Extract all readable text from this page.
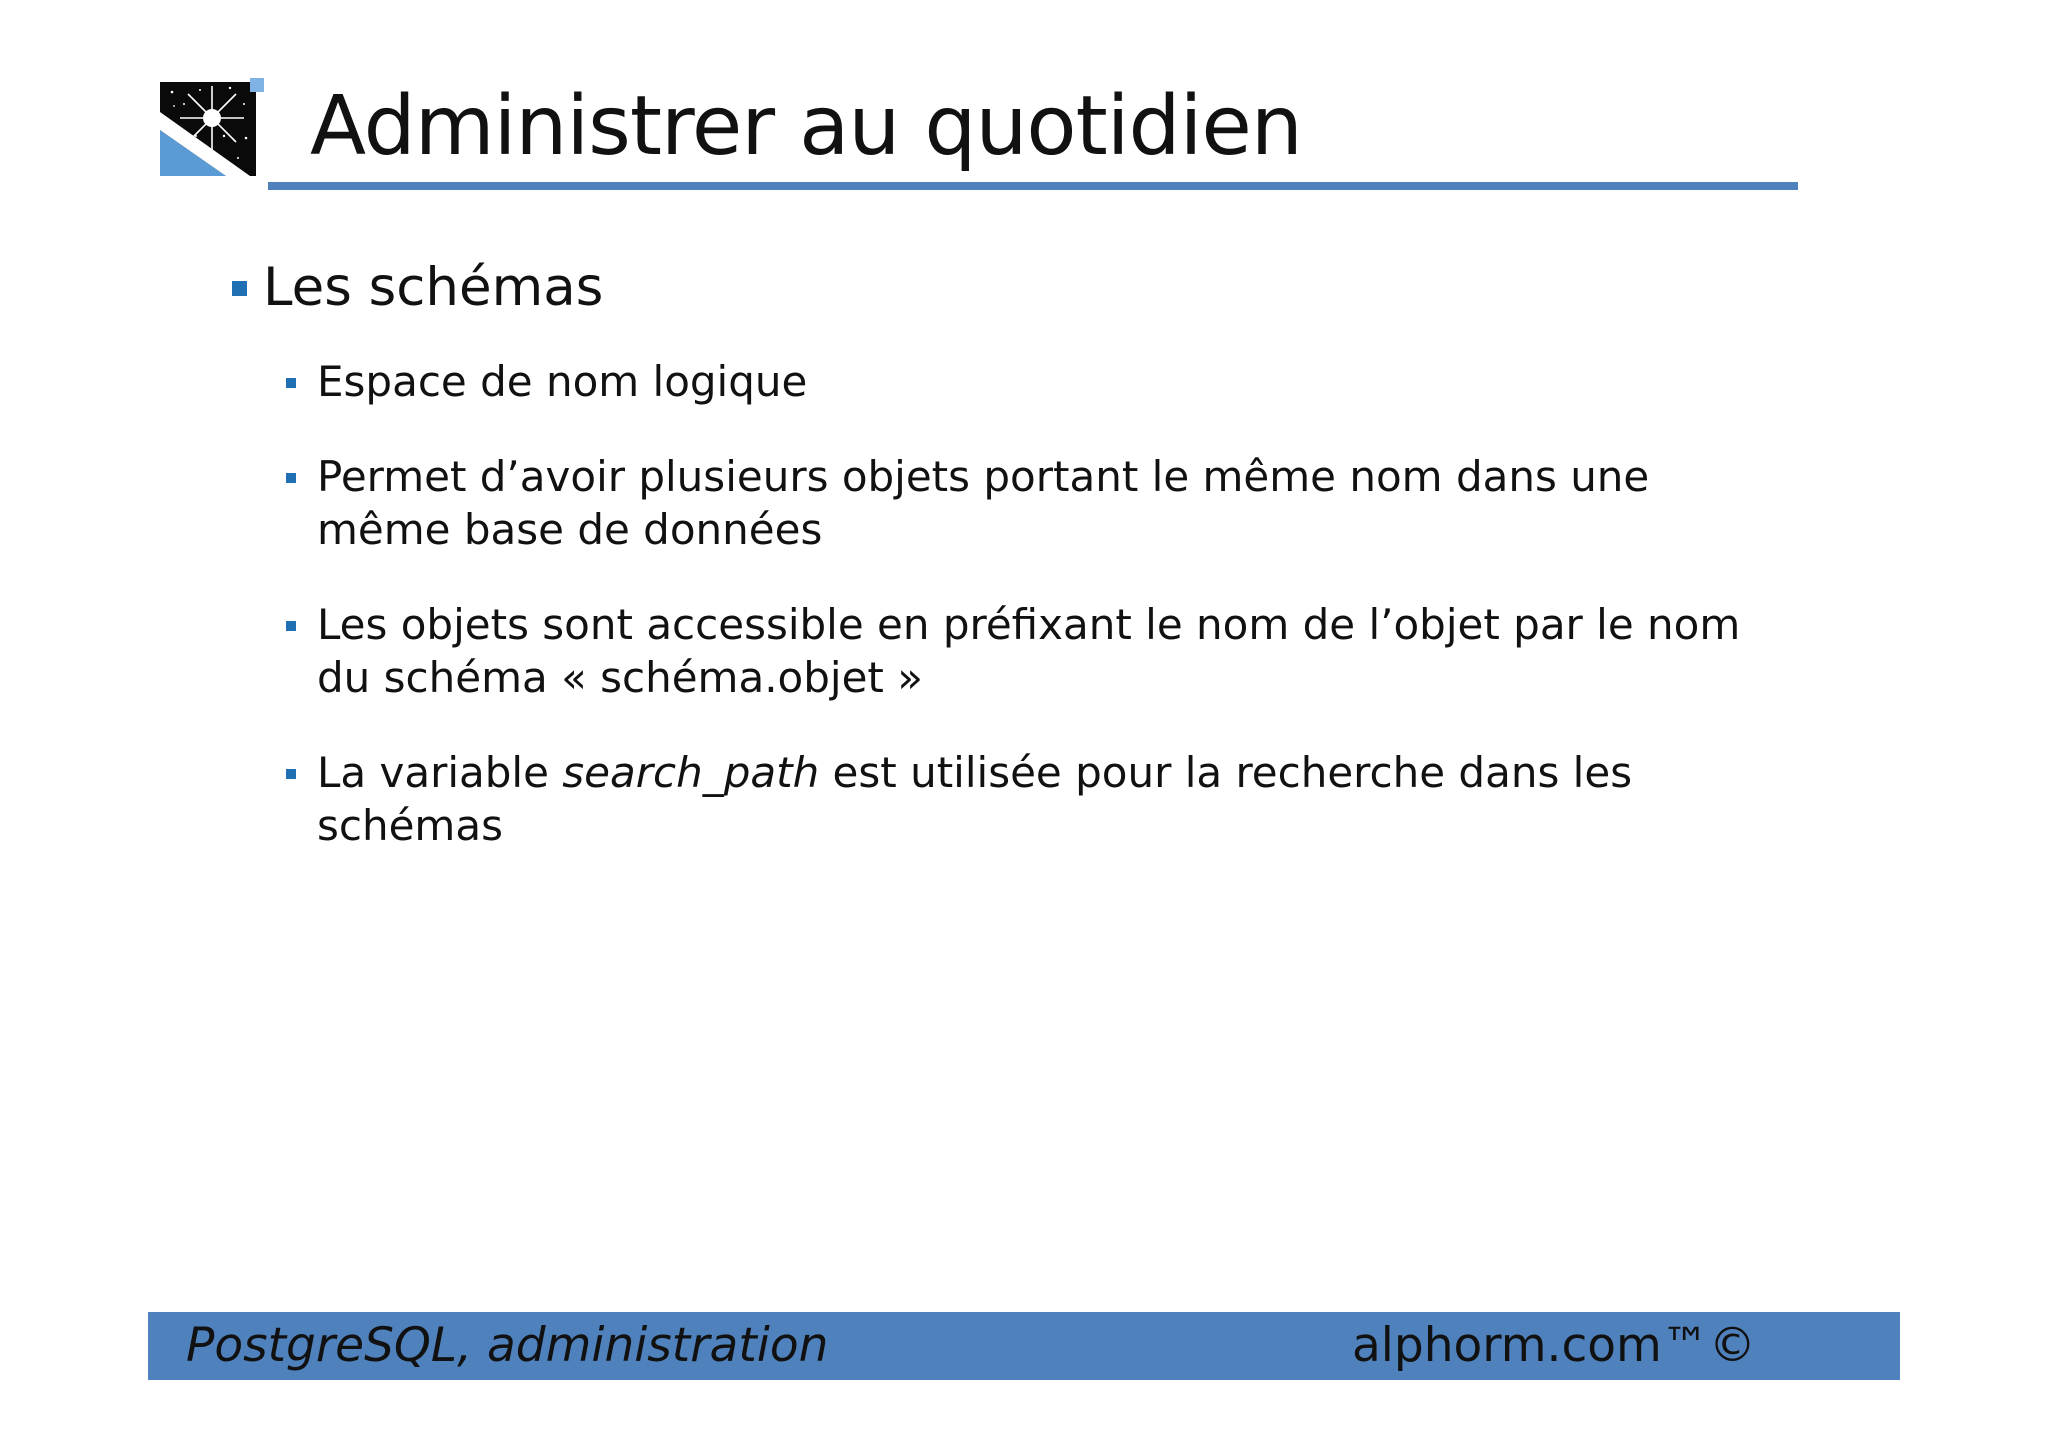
Administrer au quotidien
Les schémas
Espace de nom logique
Permet d’avoir plusieurs objets portant le même nom dans une
même base de données
Les objets sont accessible en préfixant le nom de l’objet par le nom
du schéma « schéma.objet »
La variable search_path est utilisée pour la recherche dans les
schémas
PostgreSQL, administration	alphorm.com™©
